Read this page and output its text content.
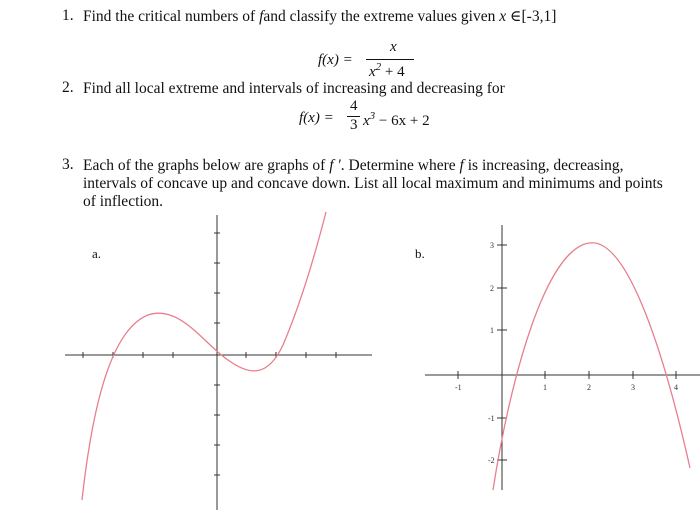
1. Find the critical numbers of fand classify the extreme values given x ∈[-3,1]
f(x) =
x
$x^2 + 4$
2. Find all local extreme and intervals of increasing and decreasing for
f(x) =
4
3 $x^3 - 6x + 2$
3. Each of the graphs below are graphs of f ′. Determine where f is increasing, decreasing,
intervals of concave up and concave down. List all local maximum and minimums and points
of inflection.
a.	b.
-1	1	2	3	4
3
2
1
-1
-2
